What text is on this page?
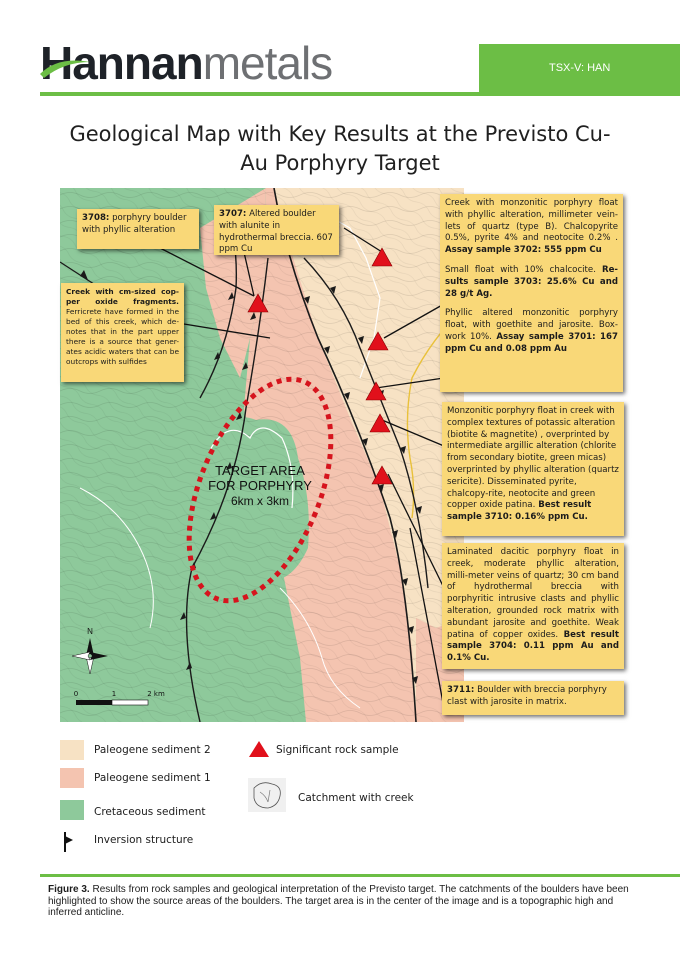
Hannanmetals	TSX-V: HAN
Geological Map with Key Results at the Previsto Cu-
Au Porphyry Target
TARGET AREA
FOR PORPHYRY
6km x 3km
N
0	1	2 km
3708: porphyry boulder with phyllic alteration
3707: Altered boulder with alunite in hydrothermal breccia. 607 ppm Cu
Creek with cm-sized cop-per oxide fragments. Ferricrete have formed in the bed of this creek, which de-notes that in the part upper there is a source that gener-ates acidic waters that can be outcrops with sulfides

Creek with monzonitic porphyry float with phyllic alteration, millimeter vein-lets of quartz (type B). Chalcopyrite 0.5%, pyrite 4% and neotocite 0.2% . Assay sample 3702: 555 ppm Cu

Small float with 10% chalcocite. Re-sults sample 3703: 25.6% Cu and 28 g/t Ag.

Phyllic altered monzonitic porphyry float, with goethite and jarosite. Box-work 10%. Assay sample 3701: 167 ppm Cu and 0.08 ppm Au

Monzonitic porphyry float in creek with complex textures of potassic alteration (biotite & magnetite) , overprinted by intermediate argillic alteration (chlorite from secondary biotite, green micas) overprinted by phyllic alteration (quartz sericite). Disseminated pyrite, chalcopy-rite, neotocite and green copper oxide patina. Best result sample 3710: 0.16% ppm Cu.
Laminated dacitic porphyry float in creek, moderate phyllic alteration, milli-meter veins of quartz; 30 cm band of hydrothermal breccia with porphyritic intrusive clasts and phyllic alteration, grounded rock matrix with abundant jarosite and goethite. Weak patina of copper oxides. Best result sample 3704: 0.11 ppm Au and 0.1% Cu.
3711: Boulder with breccia porphyry clast with jarosite in matrix.
Paleogene sediment 2
Paleogene sediment 1
Cretaceous sediment
Inversion structure
Significant rock sample
Catchment with creek
Figure 3. Results from rock samples and geological interpretation of the Previsto target. The catchments of the boulders have been highlighted to show the source areas of the boulders. The target area is in the center of the image and is a topographic high and inferred anticline.
